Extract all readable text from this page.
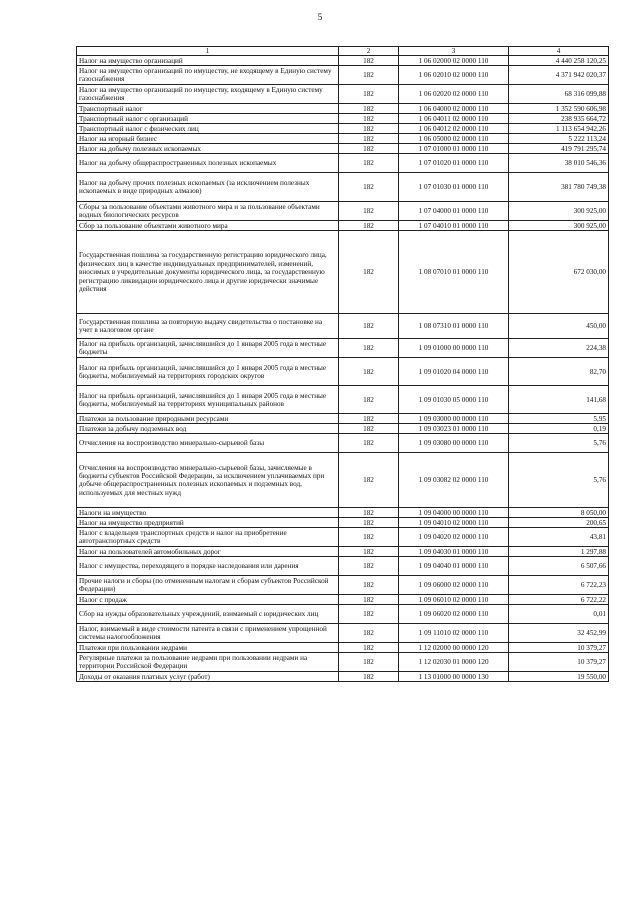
5
1	2	3	4
Налог на имущество организаций	182	1 06 02000 02 0000 110	4 440 258 120,25
Налог на имущество организаций по имуществу, не входящему в Единую систему газоснабжения	182	1 06 02010 02 0000 110	4 371 942 020,37
Налог на имущество организаций по имуществу, входящему в Единую систему газоснабжения	182	1 06 02020 02 0000 110	68 316 099,88
Транспортный налог	182	1 06 04000 02 0000 110	1 352 590 606,98
Транспортный налог с организаций	182	1 06 04011 02 0000 110	238 935 664,72
Транспортный налог с физических лиц	182	1 06 04012 02 0000 110	1 113 654 942,26
Налог на игорный бизнес	182	1 06 05000 02 0000 110	5 222 113,24
Налог на добычу полезных ископаемых	182	1 07 01000 01 0000 110	419 791 295,74
Налог на добычу общераспространенных полезных ископаемых	182	1 07 01020 01 0000 110	38 010 546,36
Налог на добычу прочих полезных ископаемых (за исключением полезных ископаемых в виде природных алмазов)	182	1 07 01030 01 0000 110	381 780 749,38
Сборы за пользование объектами животного мира и за пользование объектами водных биологических ресурсов	182	1 07 04000 01 0000 110	300 925,00
Сбор за пользование объектами животного мира	182	1 07 04010 01 0000 110	300 925,00
Государственная пошлина за государственную регистрацию юридического лица, физических лиц в качестве индивидуальных предпринимателей, изменений, вносимых в учредительные документы юридического лица, за государственную регистрацию ликвидации юридического лица и другие юридически значимые действия	182	1 08 07010 01 0000 110	672 030,00
Государственная пошлина за повторную выдачу свидетельства о постановке на учет в налоговом органе	182	1 08 07310 01 0000 110	450,00
Налог на прибыль организаций, зачислявшийся до 1 января 2005 года в местные бюджеты	182	1 09 01000 00 0000 110	224,38
Налог на прибыль организаций, зачислявшийся до 1 января 2005 года в местные бюджеты, мобилизуемый на территориях городских округов	182	1 09 01020 04 0000 110	82,70
Налог на прибыль организаций, зачислявшийся до 1 января 2005 года в местные бюджеты, мобилизуемый на территориях муниципальных районов	182	1 09 01030 05 0000 110	141,68
Платежи за пользование природными ресурсами	182	1 09 03000 00 0000 110	5,95
Платежи за добычу подземных вод	182	1 09 03023 01 0000 110	0,19
Отчисления на воспроизводство минерально-сырьевой базы	182	1 09 03080 00 0000 110	5,76
Отчисления на воспроизводство минерально-сырьевой базы, зачисляемые в бюджеты субъектов Российской Федерации, за исключением уплачиваемых при добыче общераспространенных полезных ископаемых и подземных вод, используемых для местных нужд	182	1 09 03082 02 0000 110	5,76
Налоги на имущество	182	1 09 04000 00 0000 110	8 050,00
Налог на имущество предприятий	182	1 09 04010 02 0000 110	200,65
Налог с владельцев транспортных средств и налог на приобретение автотранспортных средств	182	1 09 04020 02 0000 110	43,81
Налог на пользователей автомобильных дорог	182	1 09 04030 01 0000 110	1 297,88
Налог с имущества, переходящего в порядке наследования или дарения	182	1 09 04040 01 0000 110	6 507,66
Прочие налоги и сборы (по отмененным налогам и сборам субъектов Российской Федерации)	182	1 09 06000 02 0000 110	6 722,23
Налог с продаж	182	1 09 06010 02 0000 110	6 722,22
Сбор на нужды образовательных учреждений, взимаемый с юридических лиц	182	1 09 06020 02 0000 110	0,01
Налог, взимаемый в виде стоимости патента в связи с применением упрощенной системы налогообложения	182	1 09 11010 02 0000 110	32 452,99
Платежи при пользовании недрами	182	1 12 02000 00 0000 120	10 379,27
Регулярные платежи за пользование недрами при пользовании недрами на территории Российской Федерации	182	1 12 02030 01 0000 120	10 379,27
Доходы от оказания платных услуг (работ)	182	1 13 01000 00 0000 130	19 550,00
